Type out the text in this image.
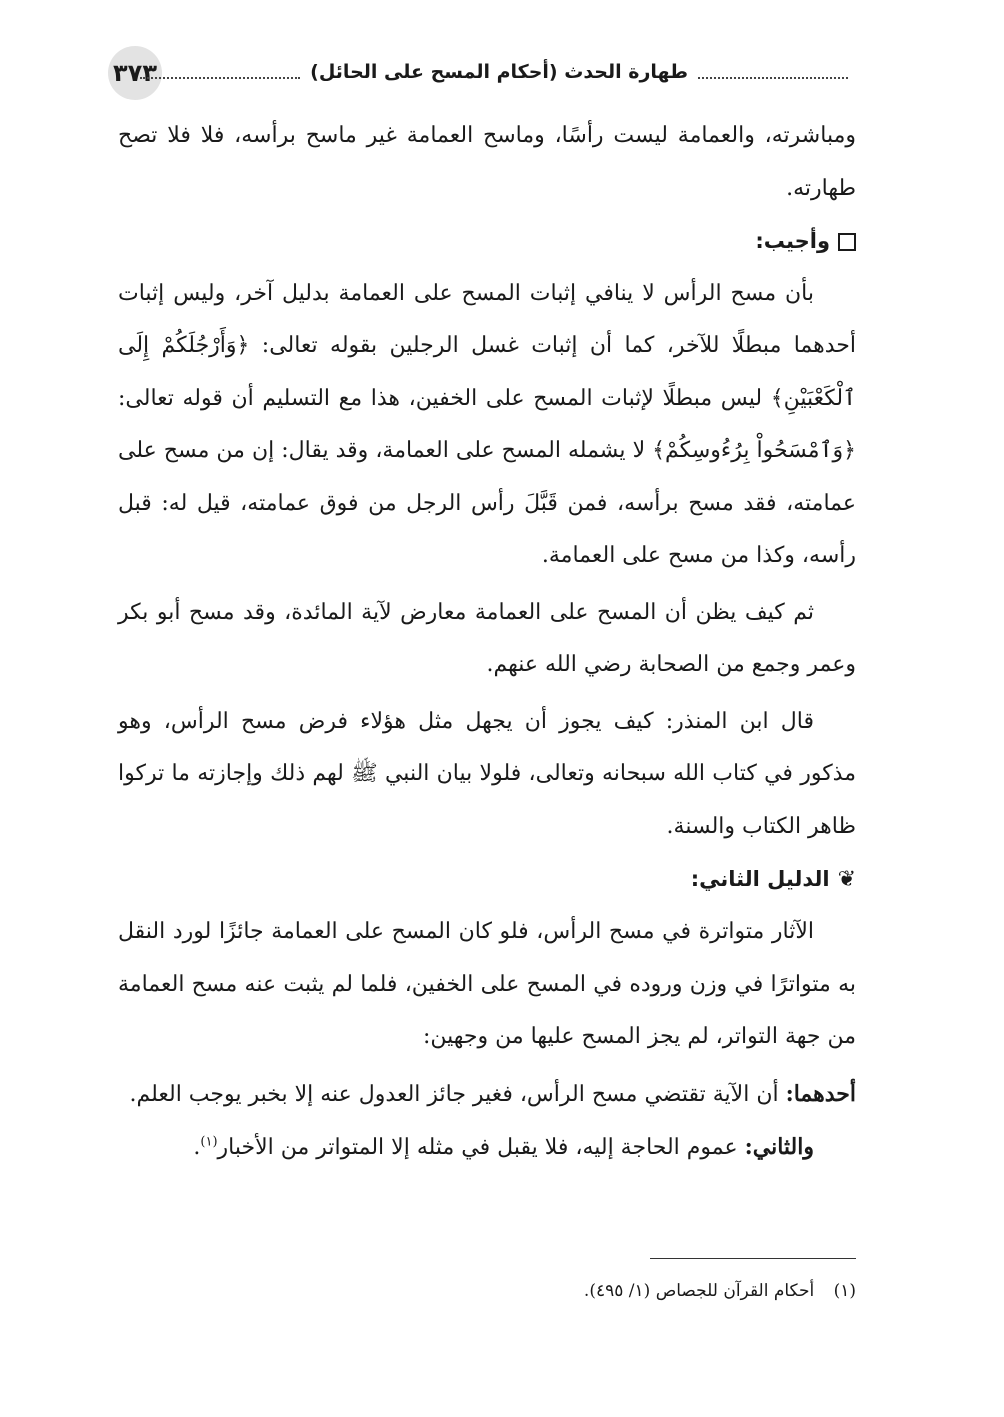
٣٧٣	طهارة الحدث (أحكام المسح على الحائل)

ومباشرته، والعمامة ليست رأسًا، وماسح العمامة غير ماسح برأسه، فلا فلا تصح طهارته.

وأجيب:

بأن مسح الرأس لا ينافي إثبات المسح على العمامة بدليل آخر، وليس إثبات أحدهما مبطلًا للآخر، كما أن إثبات غسل الرجلين بقوله تعالى: ﴿وَأَرْجُلَكُمْ إِلَى ٱلْكَعْبَيْنِ﴾ ليس مبطلًا لإثبات المسح على الخفين، هذا مع التسليم أن قوله تعالى: ﴿وَٱمْسَحُواْ بِرُءُوسِكُمْ﴾ لا يشمله المسح على العمامة، وقد يقال: إن من مسح على عمامته، فقد مسح برأسه، فمن قَبَّلَ رأس الرجل من فوق عمامته، قيل له: قبل رأسه، وكذا من مسح على العمامة.

ثم كيف يظن أن المسح على العمامة معارض لآية المائدة، وقد مسح أبو بكر وعمر وجمع من الصحابة رضي الله عنهم.

قال ابن المنذر: كيف يجوز أن يجهل مثل هؤلاء فرض مسح الرأس، وهو مذكور في كتاب الله سبحانه وتعالى، فلولا بيان النبي ﷺ لهم ذلك وإجازته ما تركوا ظاهر الكتاب والسنة.

❦الدليل الثاني:

الآثار متواترة في مسح الرأس، فلو كان المسح على العمامة جائزًا لورد النقل به متواترًا في وزن وروده في المسح على الخفين، فلما لم يثبت عنه مسح العمامة من جهة التواتر، لم يجز المسح عليها من وجهين:

أحدهما: أن الآية تقتضي مسح الرأس، فغير جائز العدول عنه إلا بخبر يوجب العلم.

والثاني: عموم الحاجة إليه، فلا يقبل في مثله إلا المتواتر من الأخبار$^{(١)}$.

(١) أحكام القرآن للجصاص (١/ ٤٩٥).
